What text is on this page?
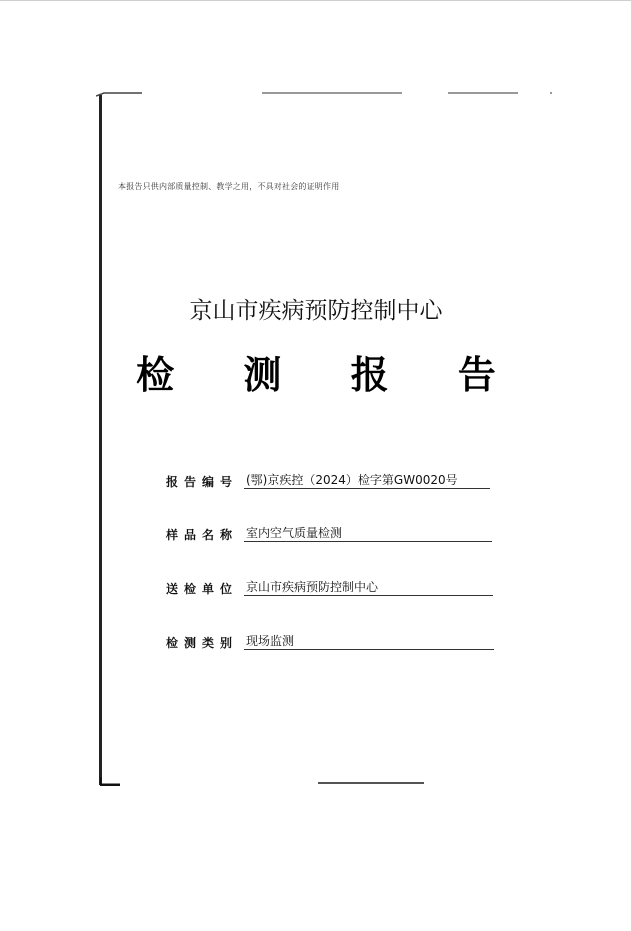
本报告只供内部质量控制、教学之用，不具对社会的证明作用
京山市疾病预防控制中心
检 测 报 告
报告编号 (鄂)京疾控（2024）检字第GW0020号
样品名称 室内空气质量检测
送检单位 京山市疾病预防控制中心
检测类别 现场监测
